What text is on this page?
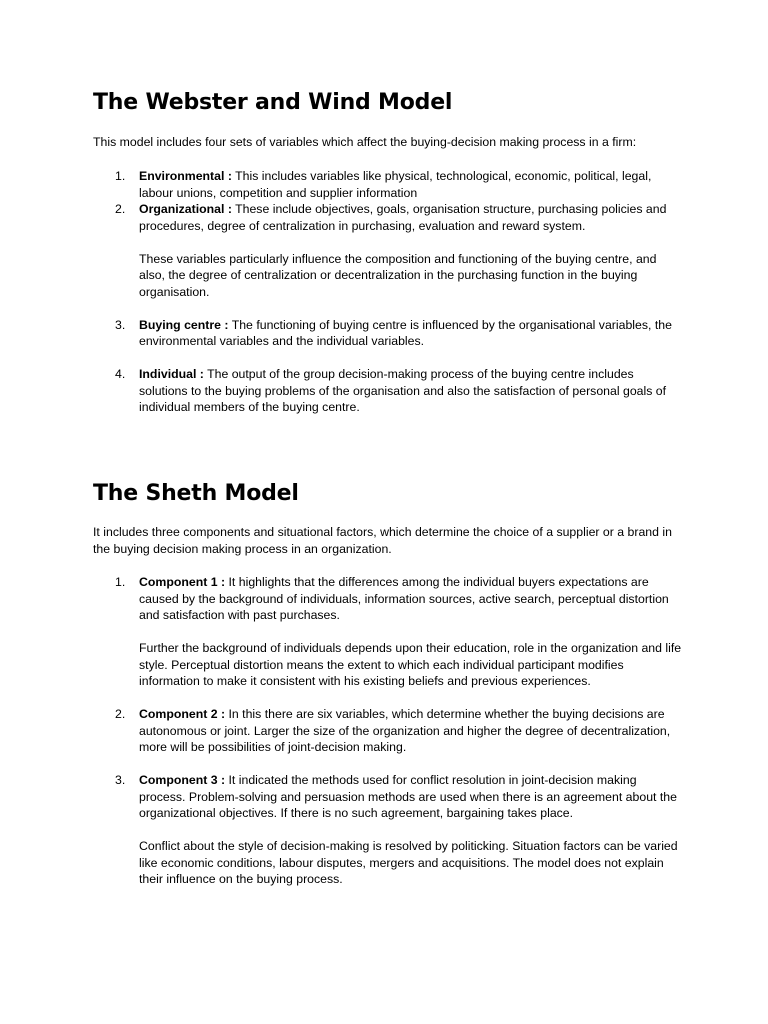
The Webster and Wind Model

This model includes four sets of variables which affect the buying-decision making process in a firm:

1.	Environmental : This includes variables like physical, technological, economic, political, legal, labour unions, competition and supplier information

2.	Organizational : These include objectives, goals, organisation structure, purchasing policies and procedures, degree of centralization in purchasing, evaluation and reward system.

These variables particularly influence the composition and functioning of the buying centre, and also, the degree of centralization or decentralization in the purchasing function in the buying organisation.

3.	Buying centre : The functioning of buying centre is influenced by the organisational variables, the environmental variables and the individual variables.

4.	Individual : The output of the group decision-making process of the buying centre includes solutions to the buying problems of the organisation and also the satisfaction of personal goals of individual members of the buying centre.

The Sheth Model

It includes three components and situational factors, which determine the choice of a supplier or a brand in the buying decision making process in an organization.

1.	Component 1 : It highlights that the differences among the individual buyers expectations are caused by the background of individuals, information sources, active search, perceptual distortion and satisfaction with past purchases.

Further the background of individuals depends upon their education, role in the organization and life style. Perceptual distortion means the extent to which each individual participant modifies information to make it consistent with his existing beliefs and previous experiences.

2.	Component 2 : In this there are six variables, which determine whether the buying decisions are autonomous or joint. Larger the size of the organization and higher the degree of decentralization, more will be possibilities of joint-decision making.

3.	Component 3 : It indicated the methods used for conflict resolution in joint-decision making process. Problem-solving and persuasion methods are used when there is an agreement about the organizational objectives. If there is no such agreement, bargaining takes place.

Conflict about the style of decision-making is resolved by politicking. Situation factors can be varied like economic conditions, labour disputes, mergers and acquisitions. The model does not explain their influence on the buying process.
